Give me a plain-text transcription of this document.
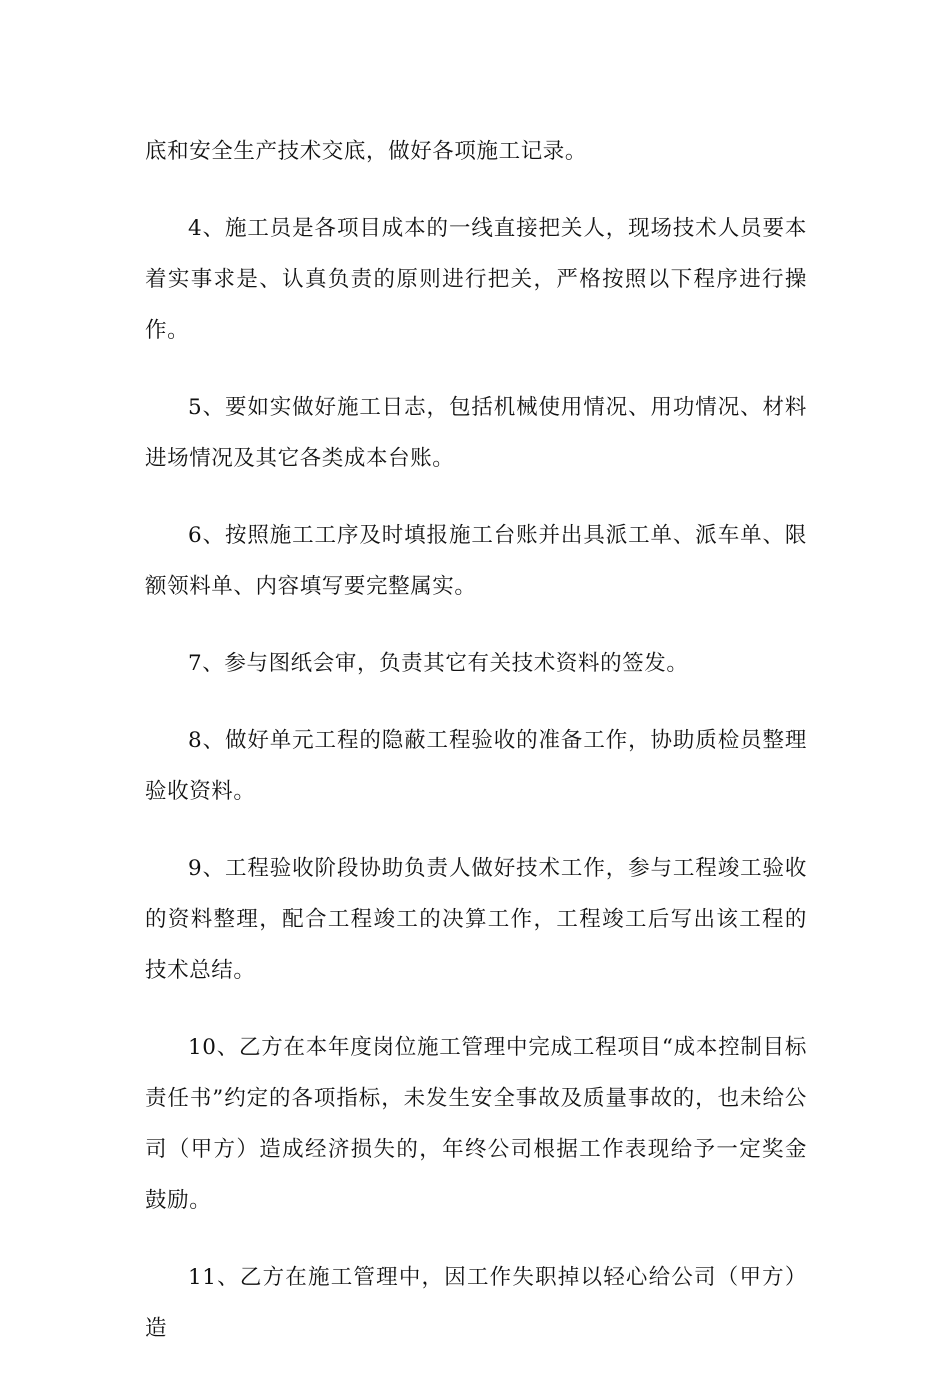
底和安全生产技术交底，做好各项施工记录。

4、施工员是各项目成本的一线直接把关人，现场技术人员要本着实事求是、认真负责的原则进行把关，严格按照以下程序进行操作。

5、要如实做好施工日志，包括机械使用情况、用功情况、材料进场情况及其它各类成本台账。

6、按照施工工序及时填报施工台账并出具派工单、派车单、限额领料单、内容填写要完整属实。

7、参与图纸会审，负责其它有关技术资料的签发。

8、做好单元工程的隐蔽工程验收的准备工作，协助质检员整理验收资料。

9、工程验收阶段协助负责人做好技术工作，参与工程竣工验收的资料整理，配合工程竣工的决算工作，工程竣工后写出该工程的技术总结。

10、乙方在本年度岗位施工管理中完成工程项目“成本控制目标责任书”约定的各项指标，未发生安全事故及质量事故的，也未给公司（甲方）造成经济损失的，年终公司根据工作表现给予一定奖金鼓励。

11、乙方在施工管理中，因工作失职掉以轻心给公司（甲方）造
